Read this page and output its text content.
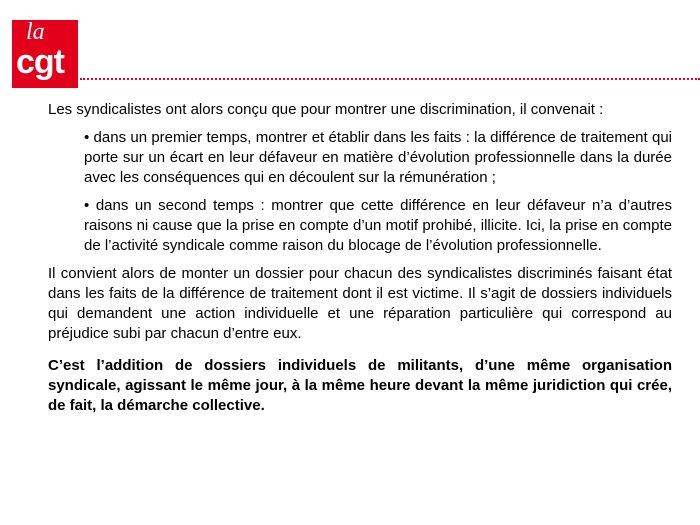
la
cgt

Les syndicalistes ont alors conçu que pour montrer une discrimination, il convenait :

• dans un premier temps, montrer et établir dans les faits : la différence de traitement qui porte sur un écart en leur défaveur en matière d’évolution professionnelle dans la durée avec les conséquences qui en découlent sur la rémunération ;

• dans un second temps : montrer que cette différence en leur défaveur n’a d’autres raisons ni cause que la prise en compte d’un motif prohibé, illicite. Ici, la prise en compte de l’activité syndicale comme raison du blocage de l’évolution professionnelle.

Il convient alors de monter un dossier pour chacun des syndicalistes discriminés faisant état dans les faits de la différence de traitement dont il est victime. Il s’agit de dossiers individuels qui demandent une action individuelle et une réparation particulière qui correspond au préjudice subi par chacun d’entre eux.

C’est l’addition de dossiers individuels de militants, d’une même organisation syndicale, agissant le même jour, à la même heure devant la même juridiction qui crée, de fait, la démarche collective.
